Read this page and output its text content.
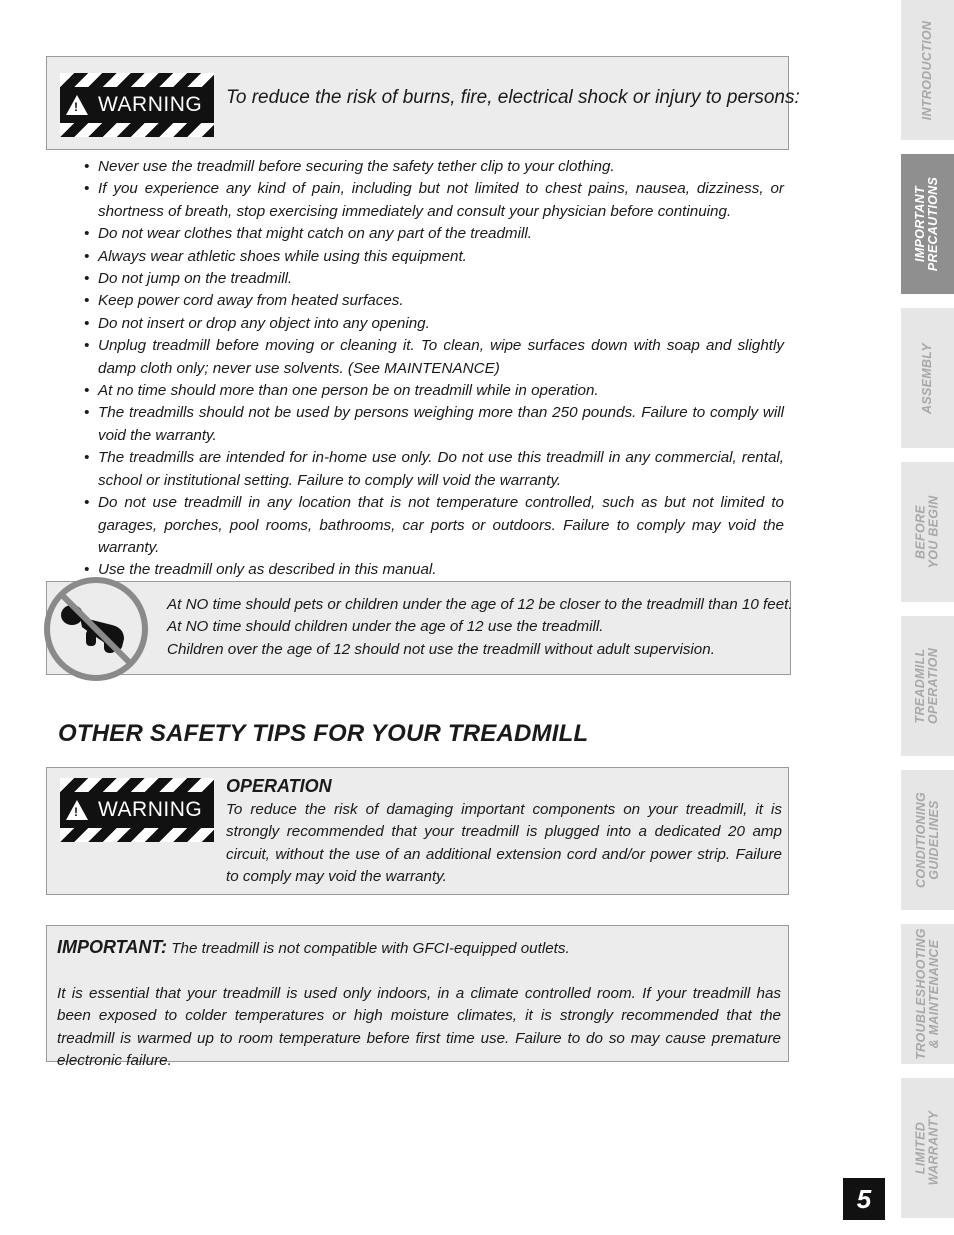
! WARNING To reduce the risk of burns, fire, electrical shock or injury to persons:
• Never use the treadmill before securing the safety tether clip to your clothing.
• If you experience any kind of pain, including but not limited to chest pains, nausea, dizziness, or shortness of breath, stop exercising immediately and consult your physician before continuing.
• Do not wear clothes that might catch on any part of the treadmill.
• Always wear athletic shoes while using this equipment.
• Do not jump on the treadmill.
• Keep power cord away from heated surfaces.
• Do not insert or drop any object into any opening.
• Unplug treadmill before moving or cleaning it. To clean, wipe surfaces down with soap and slightly damp cloth only; never use solvents. (See MAINTENANCE)
• At no time should more than one person be on treadmill while in operation.
• The treadmills should not be used by persons weighing more than 250 pounds. Failure to comply will void the warranty.
• The treadmills are intended for in-home use only. Do not use this treadmill in any commercial, rental, school or institutional setting. Failure to comply will void the warranty.
• Do not use treadmill in any location that is not temperature controlled, such as but not limited to garages, porches, pool rooms, bathrooms, car ports or outdoors. Failure to comply may void the warranty.
• Use the treadmill only as described in this manual.
At NO time should pets or children under the age of 12 be closer to the treadmill than 10 feet.
At NO time should children under the age of 12 use the treadmill.
Children over the age of 12 should not use the treadmill without adult supervision.
OTHER SAFETY TIPS FOR YOUR TREADMILL
! WARNING
OPERATION
To reduce the risk of damaging important components on your treadmill, it is strongly recommended that your treadmill is plugged into a dedicated 20 amp circuit, without the use of an additional extension cord and/or power strip. Failure to comply may void the warranty.
IMPORTANT: The treadmill is not compatible with GFCI-equipped outlets.
It is essential that your treadmill is used only indoors, in a climate controlled room. If your treadmill has been exposed to colder temperatures or high moisture climates, it is strongly recommended that the treadmill is warmed up to room temperature before first time use. Failure to do so may cause premature electronic failure.
INTRODUCTION
IMPORTANT
PRECAUTIONS
ASSEMBLY
BEFORE
YOU BEGIN
TREADMILL
OPERATION
CONDITIONING
GUIDELINES
TROUBLESHOOTING
& MAINTENANCE
LIMITED
WARRANTY
5
